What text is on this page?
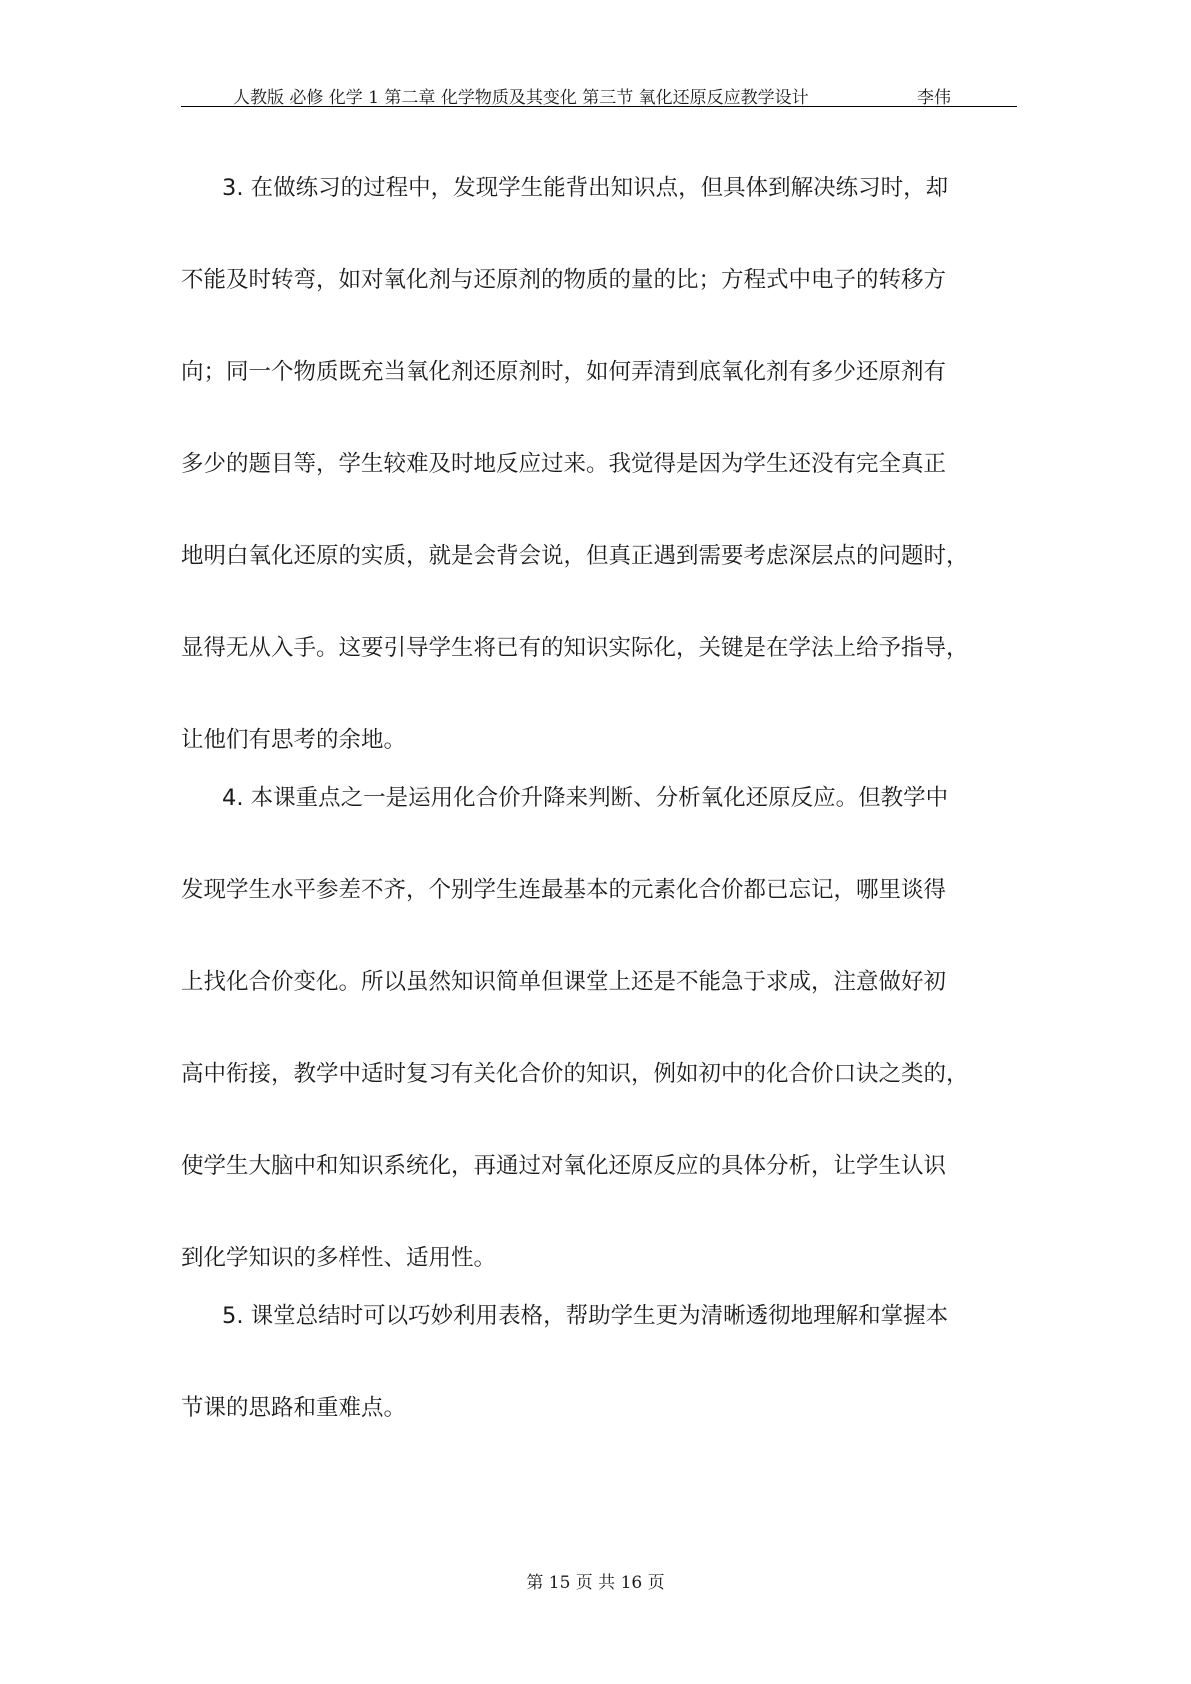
人教版 必修 化学 1 第二章 化学物质及其变化 第三节 氧化还原反应教学设计	李伟
3. 在做练习的过程中，发现学生能背出知识点，但具体到解决练习时，却
不能及时转弯，如对氧化剂与还原剂的物质的量的比；方程式中电子的转移方
向；同一个物质既充当氧化剂还原剂时，如何弄清到底氧化剂有多少还原剂有
多少的题目等，学生较难及时地反应过来。我觉得是因为学生还没有完全真正
地明白氧化还原的实质，就是会背会说，但真正遇到需要考虑深层点的问题时，
显得无从入手。这要引导学生将已有的知识实际化，关键是在学法上给予指导，
让他们有思考的余地。
4. 本课重点之一是运用化合价升降来判断、分析氧化还原反应。但教学中
发现学生水平参差不齐，个别学生连最基本的元素化合价都已忘记，哪里谈得
上找化合价变化。所以虽然知识简单但课堂上还是不能急于求成，注意做好初
高中衔接，教学中适时复习有关化合价的知识，例如初中的化合价口诀之类的，
使学生大脑中和知识系统化，再通过对氧化还原反应的具体分析，让学生认识
到化学知识的多样性、适用性。
5. 课堂总结时可以巧妙利用表格，帮助学生更为清晰透彻地理解和掌握本
节课的思路和重难点。
第 15 页 共 16 页
